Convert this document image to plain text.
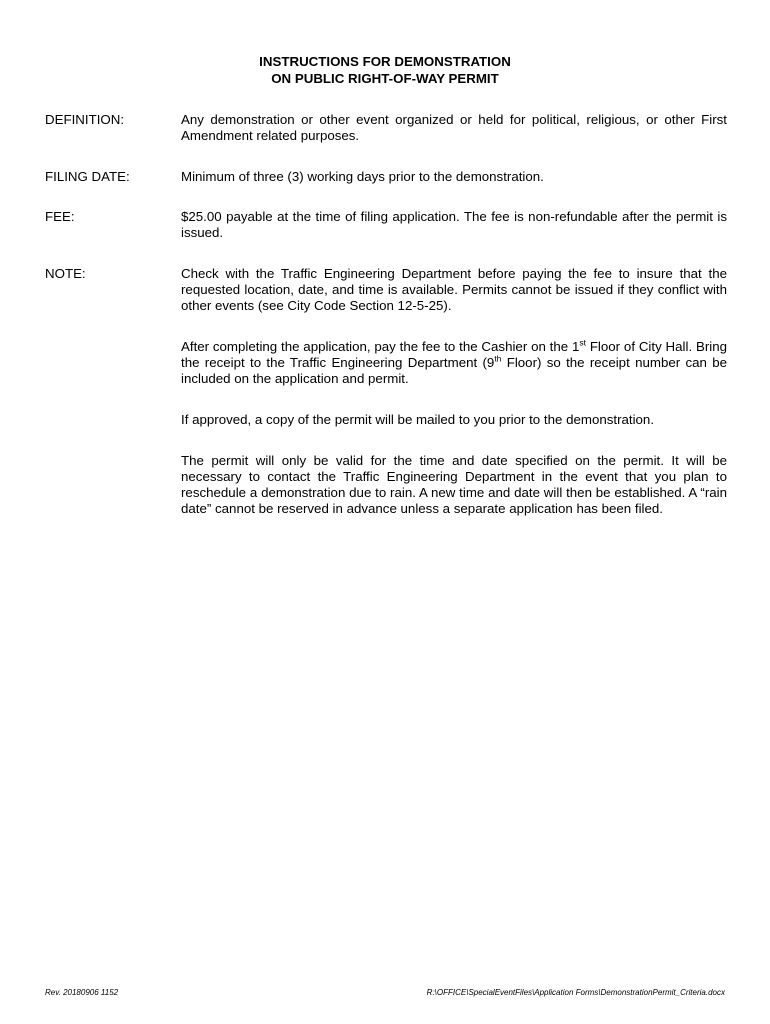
INSTRUCTIONS FOR DEMONSTRATION
ON PUBLIC RIGHT-OF-WAY PERMIT
DEFINITION:	Any demonstration or other event organized or held for political, religious, or other First Amendment related purposes.
FILING DATE:	Minimum of three (3) working days prior to the demonstration.
FEE:	$25.00 payable at the time of filing application. The fee is non-refundable after the permit is issued.
NOTE:	Check with the Traffic Engineering Department before paying the fee to insure that the requested location, date, and time is available. Permits cannot be issued if they conflict with other events (see City Code Section 12-5-25).
After completing the application, pay the fee to the Cashier on the 1st Floor of City Hall. Bring the receipt to the Traffic Engineering Department (9th Floor) so the receipt number can be included on the application and permit.
If approved, a copy of the permit will be mailed to you prior to the demonstration.
The permit will only be valid for the time and date specified on the permit. It will be necessary to contact the Traffic Engineering Department in the event that you plan to reschedule a demonstration due to rain. A new time and date will then be established. A “rain date” cannot be reserved in advance unless a separate application has been filed.
Rev. 20180906 1152	R:\OFFICE\SpecialEventFiles\Application Forms\DemonstrationPermit_Criteria.docx
